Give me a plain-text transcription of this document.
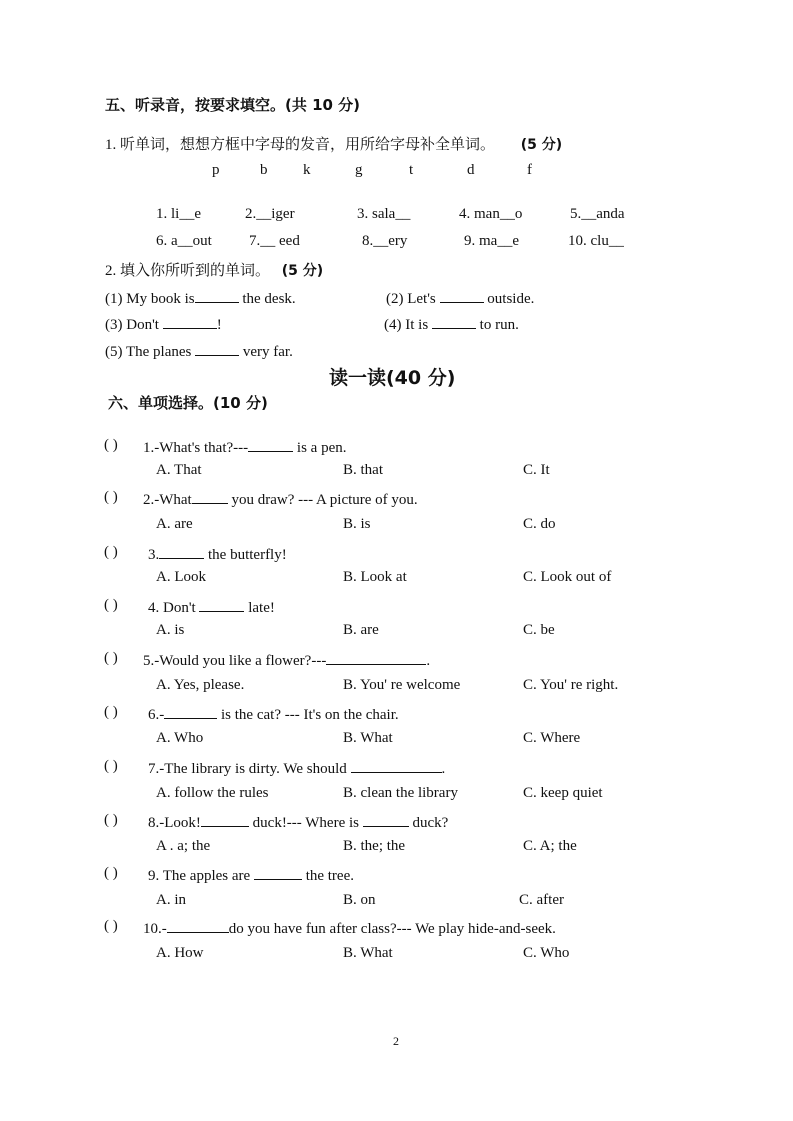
五、听录音，按要求填空。(共 10 分)
1. 听单词，想想方框中字母的发音，用所给字母补全单词。 (5 分)
p	b k	g	t	d	f
1. li__e	2.__iger	3. sala__	4. man__o	5.__anda
6. a__out 7.__ eed	8.__ery	9. ma__e	10. clu__
2. 填入你所听到的单词。 (5 分)
(1) My book is	the desk.	(2) Let's	outside.
(3) Don't	!	(4) It is	to run.
(5) The planes	very far.
读一读(40 分)
六、单项选择。(10 分)
( ) 1.-What's that?---	is a pen.
A. That	B. that	C. It
( ) 2.-What you draw? --- A picture of you.
A. are	B. is	C. do
( ) 3.	the butterfly!
A. Look	B. Look at	C. Look out of
( ) 4. Don't	late!
A. is	B. are	C. be
( ) 5.-Would you like a flower?---	.
A. Yes, please.	B. You' re welcome	C. You' re right.
( ) 6.-	is the cat? --- It's on the chair.
A. Who	B. What	C. Where
( ) 7.-The library is dirty. We should	.
A. follow the rules	B. clean the library	C. keep quiet
( ) 8.-Look!	duck!--- Where is	duck?
A . a; the	B. the; the	C. A; the
( ) 9. The apples are	the tree.
A. in	B. on	C. after
( ) 10.-	do you have fun after class?--- We play hide-and-seek.
A. How	B. What	C. Who
2
